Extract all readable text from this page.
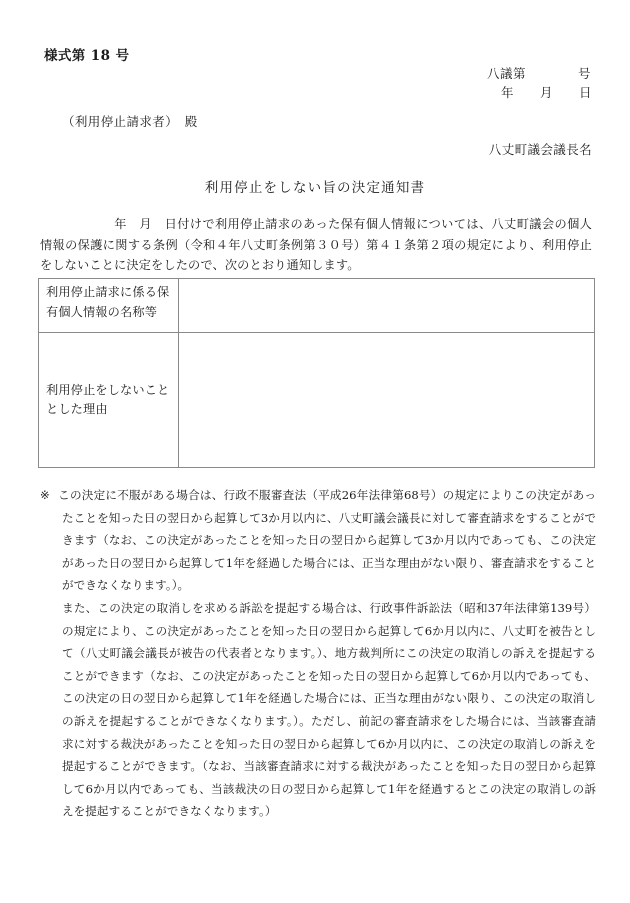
様式第 18 号
八議第　　　　号
年　　月　　日
（利用停止請求者）　殿
八丈町議会議長名
利用停止をしない旨の決定通知書
年　月　日付けで利用停止請求のあった保有個人情報については、八丈町議会の個人情報の保護に関する条例（令和４年八丈町条例第３０号）第４１条第２項の規定により、利用停止をしないことに決定をしたので、次のとおり通知します。
利用停止請求に係る保有個人情報の名称等	
利用停止をしないこととした理由	

※ この決定に不服がある場合は、行政不服審査法（平成26年法律第68号）の規定によりこの決定があったことを知った日の翌日から起算して3か月以内に、八丈町議会議長に対して審査請求をすることができます（なお、この決定があったことを知った日の翌日から起算して3か月以内であっても、この決定があった日の翌日から起算して1年を経過した場合には、正当な理由がない限り、審査請求をすることができなくなります。）。

また、この決定の取消しを求める訴訟を提起する場合は、行政事件訴訟法（昭和37年法律第139号）の規定により、この決定があったことを知った日の翌日から起算して6か月以内に、八丈町を被告として（八丈町議会議長が被告の代表者となります。）、地方裁判所にこの決定の取消しの訴えを提起することができます（なお、この決定があったことを知った日の翌日から起算して6か月以内であっても、この決定の日の翌日から起算して1年を経過した場合には、正当な理由がない限り、この決定の取消しの訴えを提起することができなくなります。）。ただし、前記の審査請求をした場合には、当該審査請求に対する裁決があったことを知った日の翌日から起算して6か月以内に、この決定の取消しの訴えを提起することができます。（なお、当該審査請求に対する裁決があったことを知った日の翌日から起算して6か月以内であっても、当該裁決の日の翌日から起算して1年を経過するとこの決定の取消しの訴えを提起することができなくなります。）
